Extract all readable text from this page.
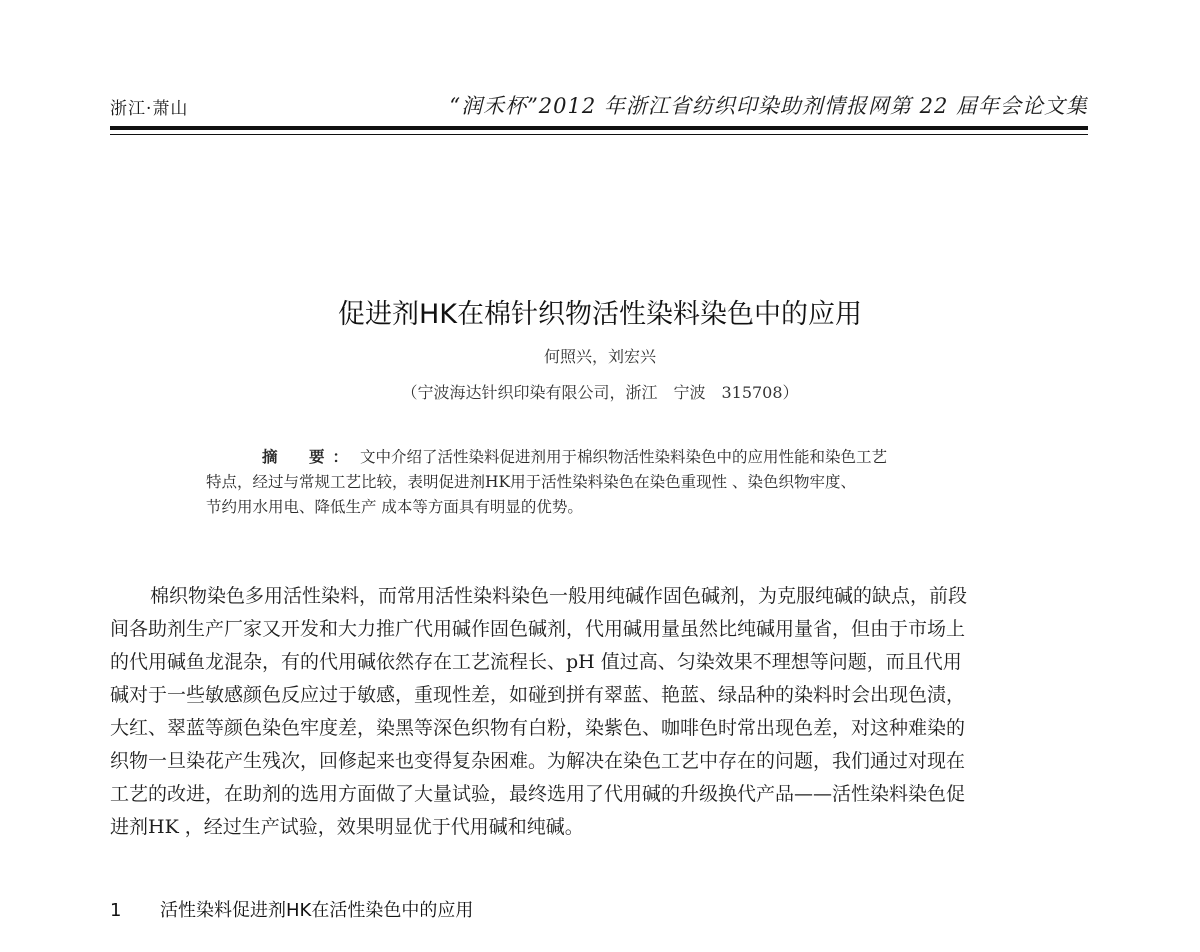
浙江·萧山	“润禾杯”2012 年浙江省纺织印染助剂情报网第 22 届年会论文集
促进剂HK在棉针织物活性染料染色中的应用
何照兴，刘宏兴
（宁波海达针织印染有限公司，浙江　宁波　315708）
摘　要： 文中介绍了活性染料促进剂用于棉织物活性染料染色中的应用性能和染色工艺
特点，经过与常规工艺比较，表明促进剂HK用于活性染料染色在染色重现性 、染色织物牢度、
节约用水用电、降低生产 成本等方面具有明显的优势。
棉织物染色多用活性染料，而常用活性染料染色一般用纯碱作固色碱剂，为克服纯碱的缺点，前段
间各助剂生产厂家又开发和大力推广代用碱作固色碱剂，代用碱用量虽然比纯碱用量省，但由于市场上
的代用碱鱼龙混杂，有的代用碱依然存在工艺流程长、pH 值过高、匀染效果不理想等问题，而且代用
碱对于一些敏感颜色反应过于敏感，重现性差，如碰到拼有翠蓝、艳蓝、绿品种的染料时会出现色渍，
大红、翠蓝等颜色染色牢度差，染黑等深色织物有白粉，染紫色、咖啡色时常出现色差，对这种难染的
织物一旦染花产生残次，回修起来也变得复杂困难。为解决在染色工艺中存在的问题，我们通过对现在
工艺的改进，在助剂的选用方面做了大量试验，最终选用了代用碱的升级换代产品——活性染料染色促
进剂HK ，经过生产试验，效果明显优于代用碱和纯碱。
1 活性染料促进剂HK在活性染色中的应用
